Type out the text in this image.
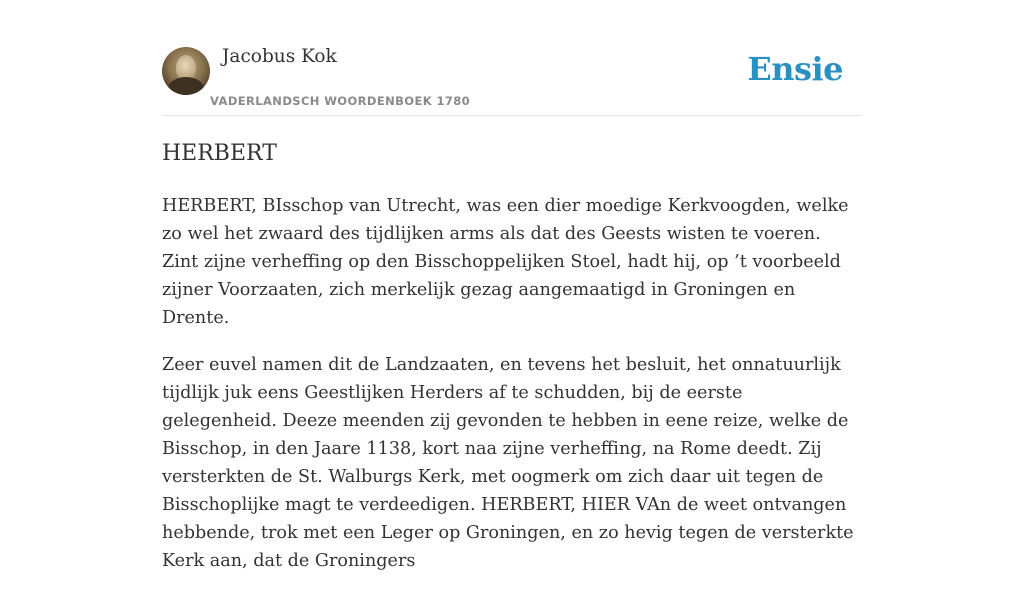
Jacobus Kok
VADERLANDSCH WOORDENBOEK 1780
Ensie
HERBERT

HERBERT, BIsschop van Utrecht, was een dier moedige Kerkvoogden, welke zo wel het zwaard des tijdlijken arms als dat des Geests wisten te voeren. Zint zijne verheffing op den Bisschoppelijken Stoel, hadt hij, op ’t voorbeeld zijner Voorzaaten, zich merkelijk gezag aangemaatigd in Groningen en Drente.

Zeer euvel namen dit de Landzaaten, en tevens het besluit, het onnatuurlijk tijdlijk juk eens Geestlijken Herders af te schudden, bij de eerste gelegenheid. Deeze meenden zij gevonden te hebben in eene reize, welke de Bisschop, in den Jaare 1138, kort naa zijne verheffing, na Rome deedt. Zij versterkten de St. Walburgs Kerk, met oogmerk om zich daar uit tegen de Bisschoplijke magt te verdeedigen. HERBERT, HIER VAn de weet ontvangen hebbende, trok met een Leger op Groningen, en zo hevig tegen de versterkte Kerk aan, dat de Groningers
